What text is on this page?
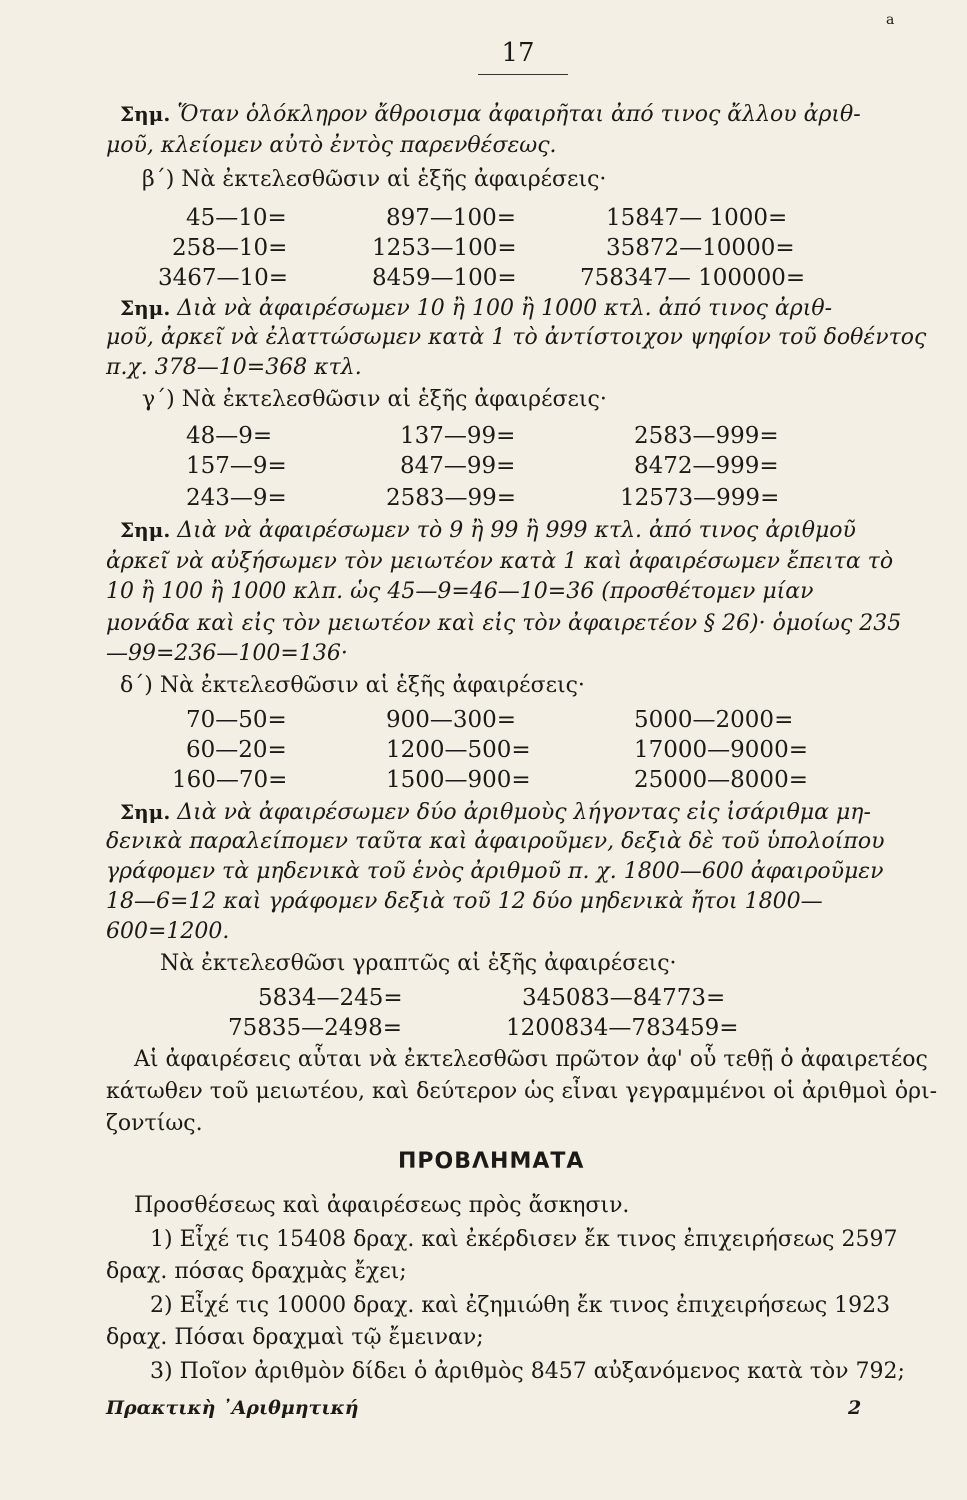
a
17
Σημ. Ὅταν ὁλόκληρον ἄθροισμα ἀφαιρῆται ἀπό τινος ἄλλου ἀριθ-
μοῦ, κλείομεν αὐτὸ ἐντὸς παρενθέσεως.
β΄) Νὰ ἐκτελεσθῶσιν αἱ ἑξῆς ἀφαιρέσεις·
45—10=	897—100=	15847— 1000=
258—10=	1253—100=	35872—10000=
3467—10=	8459—100=	758347— 100000=
Σημ. Διὰ νὰ ἀφαιρέσωμεν 10 ἢ 100 ἢ 1000 κτλ. ἀπό τινος ἀριθ-
μοῦ, ἀρκεῖ νὰ ἐλαττώσωμεν κατὰ 1 τὸ ἀντίστοιχον ψηφίον τοῦ δοθέντος
π.χ. 378—10=368 κτλ.
γ΄) Νὰ ἐκτελεσθῶσιν αἱ ἑξῆς ἀφαιρέσεις·
48—9=	137—99=	2583—999=
157—9=	847—99=	8472—999=
243—9=	2583—99=	12573—999=
Σημ. Διὰ νὰ ἀφαιρέσωμεν τὸ 9 ἢ 99 ἢ 999 κτλ. ἀπό τινος ἀριθμοῦ
ἀρκεῖ νὰ αὐξήσωμεν τὸν μειωτέον κατὰ 1 καὶ ἀφαιρέσωμεν ἔπειτα τὸ
10 ἢ 100 ἢ 1000 κλπ. ὡς 45—9=46—10=36 (προσθέτομεν μίαν
μονάδα καὶ εἰς τὸν μειωτέον καὶ εἰς τὸν ἀφαιρετέον § 26)· ὁμοίως 235
—99=236—100=136·
δ΄) Νὰ ἐκτελεσθῶσιν αἱ ἑξῆς ἀφαιρέσεις·
70—50=	900—300=	5000—2000=
60—20=	1200—500=	17000—9000=
160—70=	1500—900=	25000—8000=
Σημ. Διὰ νὰ ἀφαιρέσωμεν δύο ἀριθμοὺς λήγοντας εἰς ἰσάριθμα μη-
δενικὰ παραλείπομεν ταῦτα καὶ ἀφαιροῦμεν, δεξιὰ δὲ τοῦ ὑπολοίπου
γράφομεν τὰ μηδενικὰ τοῦ ἑνὸς ἀριθμοῦ π. χ. 1800—600 ἀφαιροῦμεν
18—6=12 καὶ γράφομεν δεξιὰ τοῦ 12 δύο μηδενικὰ ἤτοι 1800—
600=1200.
Νὰ ἐκτελεσθῶσι γραπτῶς αἱ ἑξῆς ἀφαιρέσεις·
5834—245=	345083—84773=
75835—2498=	1200834—783459=
Αἱ ἀφαιρέσεις αὗται νὰ ἐκτελεσθῶσι πρῶτον ἀφ' οὗ τεθῇ ὁ ἀφαιρετέος
κάτωθεν τοῦ μειωτέου, καὶ δεύτερον ὡς εἶναι γεγραμμένοι οἱ ἀριθμοὶ ὁρι-
ζοντίως.
ΠΡΟΒΛΗΜΑΤΑ
Προσθέσεως καὶ ἀφαιρέσεως πρὸς ἄσκησιν.
1) Εἶχέ τις 15408 δραχ. καὶ ἐκέρδισεν ἔκ τινος ἐπιχειρήσεως 2597
δραχ. πόσας δραχμὰς ἔχει;
2) Εἶχέ τις 10000 δραχ. καὶ ἐζημιώθη ἔκ τινος ἐπιχειρήσεως 1923
δραχ. Πόσαι δραχμαὶ τῷ ἔμειναν;
3) Ποῖον ἀριθμὸν δίδει ὁ ἀριθμὸς 8457 αὐξανόμενος κατὰ τὸν 792;
Πρακτικὴ ᾿Αριθμητική	2
